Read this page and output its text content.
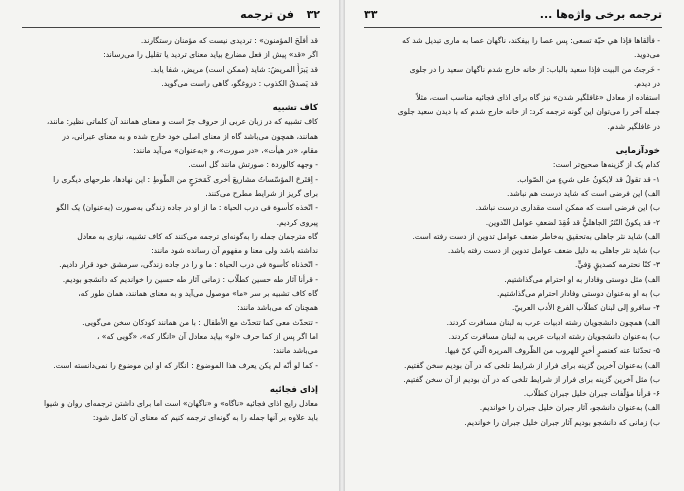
۳۲
فن ترجمه
قد أفلَحَ المؤمنون» : تردیدی نیست که مؤمنان رستگارند.
اگر «قد» پیش از فعل مضارع بیاید معنای تردید یا تقلیل را می‌رساند:
قد يَبرَأُ المريضُ: شاید (ممکن است) مریض، شفا یابد.
قد يَصدقُ الكذوب : دروغگو، گاهی راست می‌گوید.
کاف تشبیه
کاف تشبیه که در زبان عربی از حروف جرّ است و معنای همانند آن کلماتی نظیر: مانند،
همانند، همچون می‌باشد گاه از معنای اصلی خود خارج شده و به معنای عبرانی، در
مقام، «در هیأت»، «در صورت»، و «به‌عنوان» می‌آید مانند:
- وجهه کالوردة : صورتش مانند گل است.
- اِقتَرحَ المؤسّساتُ مشاریعَ أخرى كَمَخرَجٍ من الطّوطِ : این نهادها، طرحهای دیگری را
برای گریز از شرایط مطرح می‌کنند.
- اتّخذه کأسوة فی درب الحیاة : ما از او در جاده زندگی به‌صورت (به‌عنوان) یک الگو
پیروی کردیم.
گاه مترجمان جمله را به‌گونه‌ای ترجمه می‌کنند که کاف تشبیه، نیازی به معادل
نداشته باشد ولی معنا و مفهوم آن رسانده شود مانند:
- اتّخذناه کأسوة فی درب الحیاة : ما و را در جاده زندگی، سرمشق خود قرار دادیم.
- قرأنا آثار طه حسین کطلّاب : زمانی آثار طه حسین را خواندیم که دانشجو بودیم.
گاه کاف تشبیه بر سر «ما» موصول می‌آید و به معنای همانند، همان طور که،
همچنان که می‌باشد مانند:
- تتحدّث معی کما تتحدّث مع الأطفال : با من همانند کودکان سخن می‌گویی.
اما اگر پس از کما حرف «لو» بیاید معادل آن «انگار که»، «گویی که» ،
می‌باشد مانند:
- کما لو أنّه لم یکن یعرف هذا الموضوع : انگار که او این موضوع را نمی‌دانسته است.
إذای فجائیه
معادل رایج اذای فجائیه «ناگاه» و «ناگهان» است اما برای داشتن ترجمه‌ای روان و شیوا
باید علاوه بر آنها جمله را به گونه‌ای ترجمه کنیم که معنای آن کامل شود:
ترجمه برخی واژه‌ها ...
۳۳
- فألقاها فإذا هي حيّة تسعى: پس عصا را بیفکند، ناگهان عصا به ماری تبدیل شد که
می‌دوید.
- خَرجتُ من البيت فإذا سعيد بالباب: از خانه خارج شدم ناگهان سعید را در جلوی
در دیدم.
استفاده از معادل «غافلگیر شدن» نیز گاه برای اذای فجائیه مناسب است، مثلاً
جمله آخر را می‌توان این گونه ترجمه کرد: از خانه خارج شدم که با دیدن سعید جلوی
در غافلگیر شدم.
خودآزمایی
کدام یک از گزینه‌ها صحیح‌تر است:
۱- قد تقولُ قد لايكونُ على شيءٍ من الصّواب.
الف) این فرضی است که شاید درست هم نباشد.
ب) این فرضی است که ممکن است مقداری درست نباشد.
۲- قد يكونُ النّثرُ الجاهليُّ قد فُقِدَ لضعفِ عوامل التّدوين.
الف) شاید نثر جاهلی به‌تحقیق به‌خاطر ضعف عوامل تدوین از دست رفته است.
ب) شاید نثر جاهلی به دلیل ضعف عوامل تدوین از دست رفته باشد.
۳- كنّا نحترمه كصديقٍ وَفيٍّ.
الف) مثل دوستی وفادار به او احترام می‌گذاشتیم.
ب) به او به‌عنوان دوستی وفادار احترام می‌گذاشتیم.
۴- سافرو إلى لبنان كطلّاب الفرع الأدب العربيّ.
الف) همچون دانشجویان رشته ادبیات عرب به لبنان مسافرت کردند.
ب) به‌عنوان دانشجویان رشته ادبیات عربی به لبنان مسافرت کردند.
۵- تحدّثنا عنه كعنصرٍ أخيرٍ للهروب من الظّروف المريرة الّتي كنّ فيها.
الف) به‌عنوان آخرین گزینه برای فرار از شرایط تلخی که در آن بودیم سخن گفتیم.
ب) مثل آخرین گزینه برای فرار از شرایط تلخی که در آن بودیم از آن سخن گفتیم.
۶- قرأنا مؤلّفات جبران خليل جبران كطلّاب.
الف) به‌عنوان دانشجو، آثار جبران خلیل جبران را خواندیم.
ب) زمانی که دانشجو بودیم آثار جبران خلیل جبران را خواندیم.
